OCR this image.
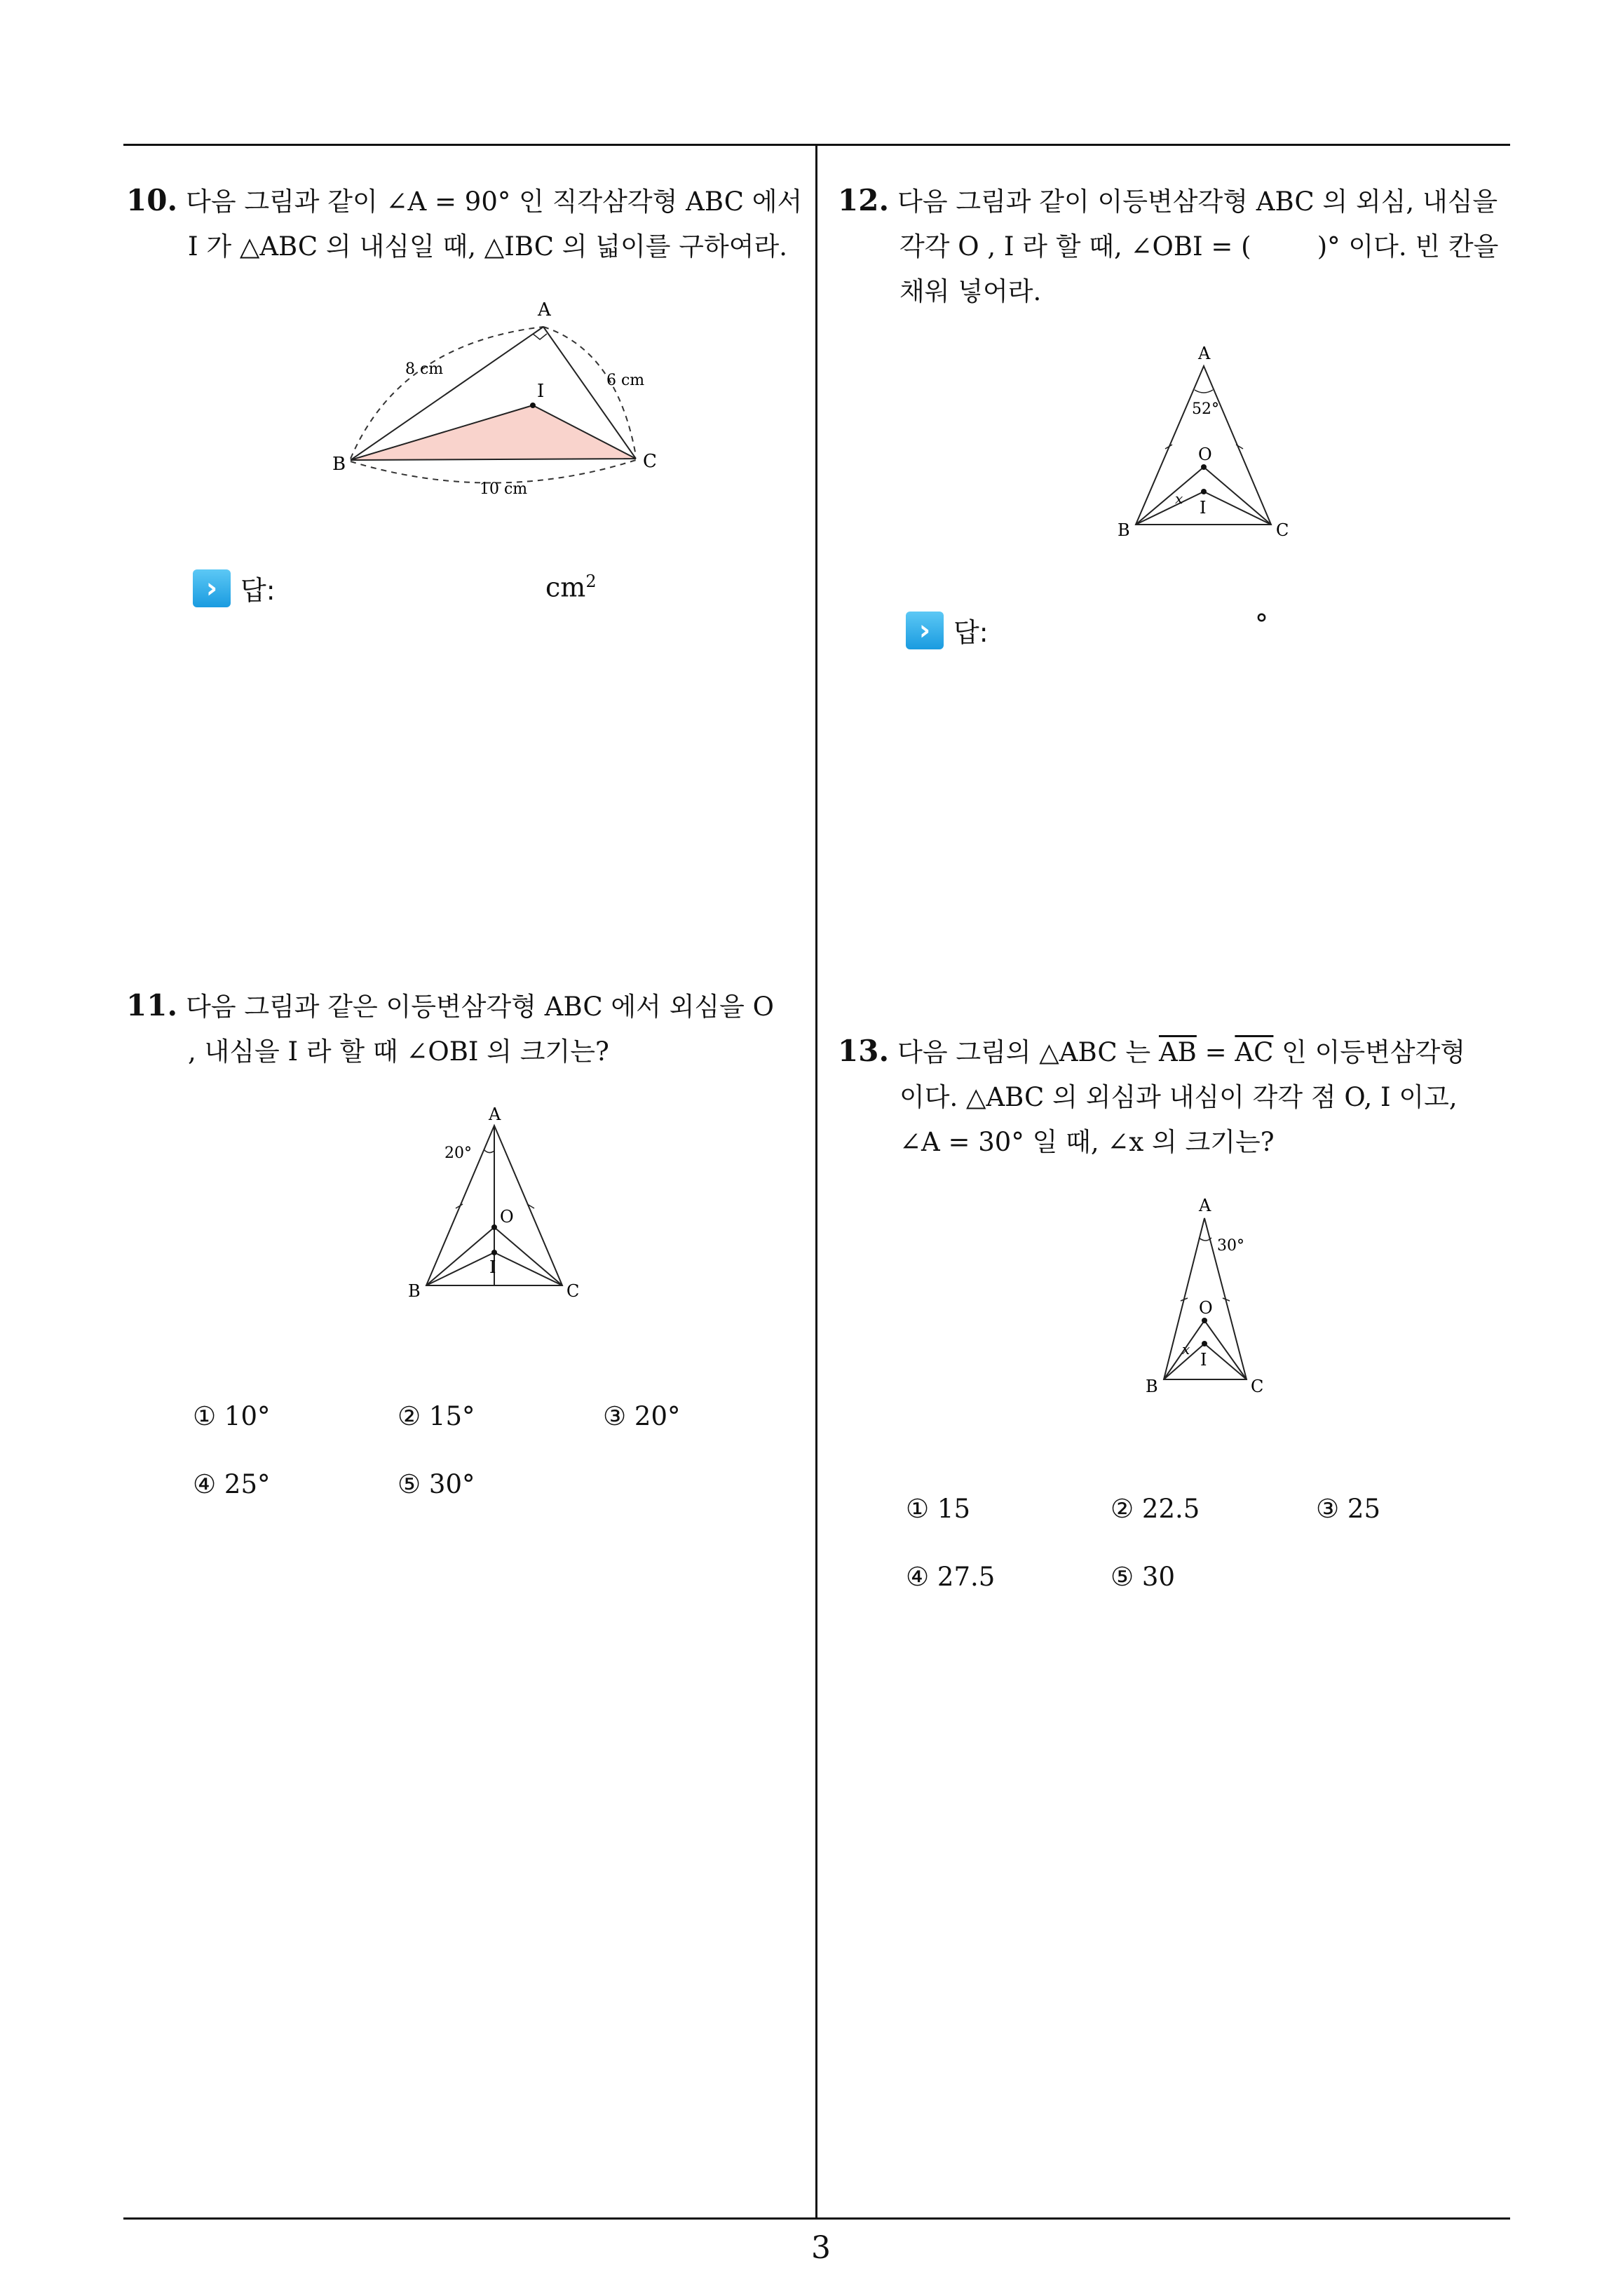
3
10. 다음 그림과 같이 ∠A = 90° 인 직각삼각형 ABC 에서
I 가 △ABC 의 내심일 때, △IBC 의 넓이를 구하여라.
A
B	C
I
8 cm
6 cm
10 cm
› 답:	$cm^2$
11. 다음 그림과 같은 이등변삼각형 ABC 에서 외심을 O
, 내심을 I 라 할 때 ∠OBI 의 크기는?
A
B	C
O
I
20°
① 10°	② 15°	③ 20°
④ 25°	⑤ 30°
12. 다음 그림과 같이 이등변삼각형 ABC 의 외심, 내심을
각각 O , I 라 할 때, ∠OBI = (        )° 이다. 빈 칸을
채워 넣어라.
A
B	C
O
I
52°
x
› 답:	°
13. 다음 그림의 △ABC 는 $\overline{AB} = \overline{AC}$ 인 이등변삼각형
이다. △ABC 의 외심과 내심이 각각 점 O, I 이고,
∠A = 30° 일 때, ∠x 의 크기는?
A
B	C
O
I
30°
x
① 15	② 22.5	③ 25
④ 27.5	⑤ 30
